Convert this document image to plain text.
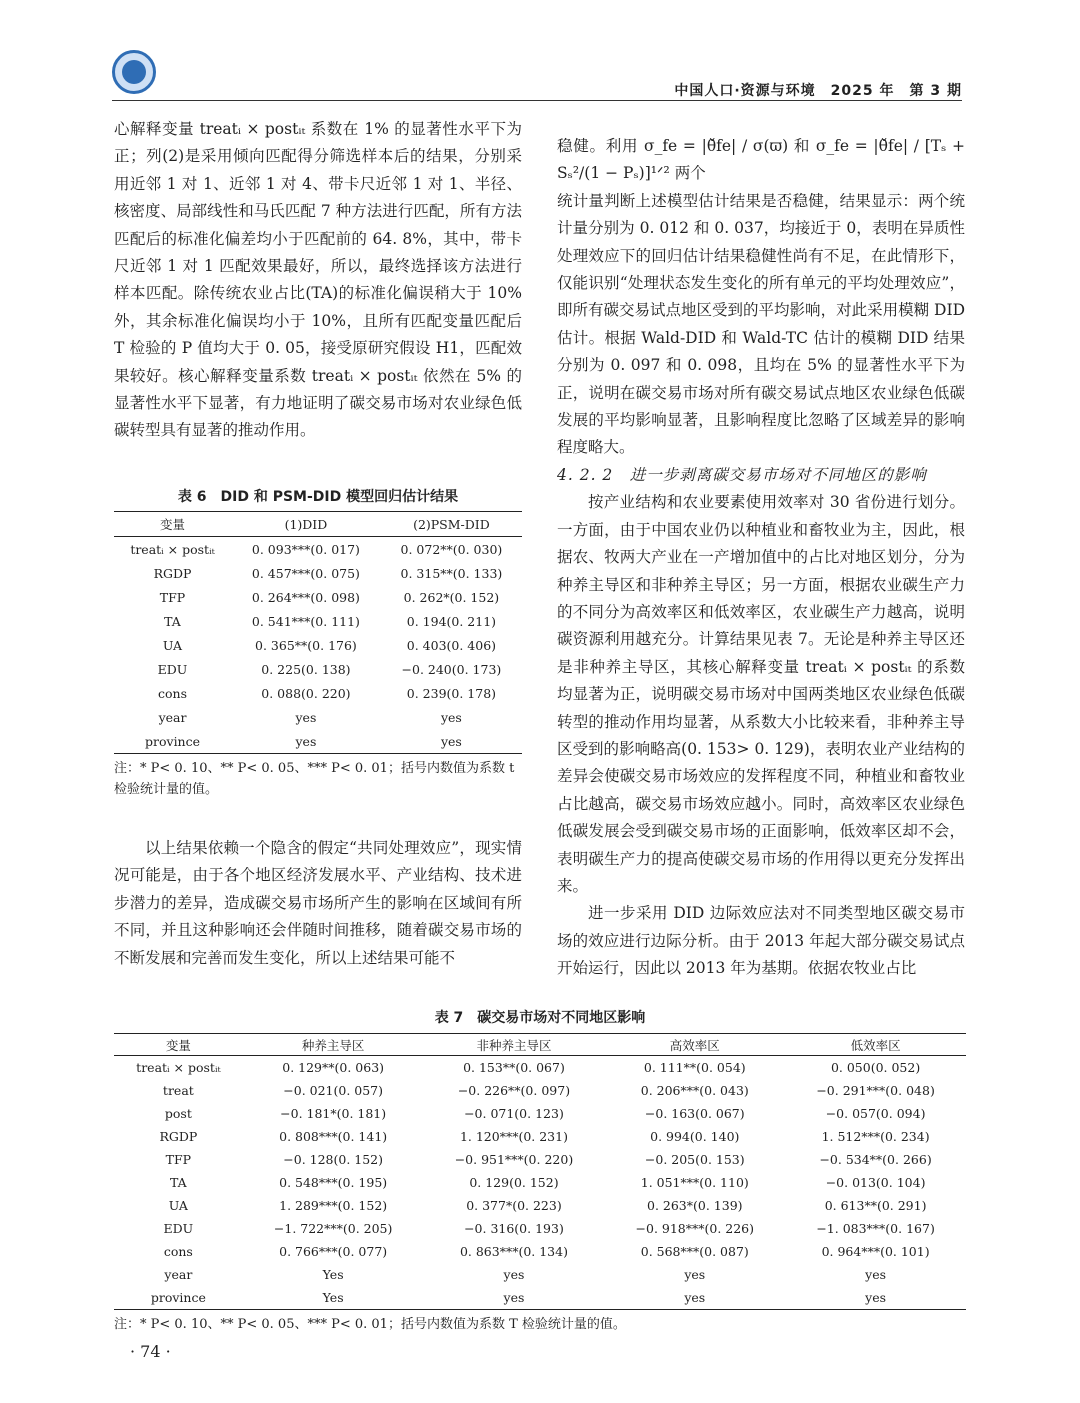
中国人口·资源与环境　2025 年　第 3 期

心解释变量 treatᵢ × postᵢₜ 系数在 1% 的显著性水平下为正；列(2)是采用倾向匹配得分筛选样本后的结果，分别采用近邻 1 对 1、近邻 1 对 4、带卡尺近邻 1 对 1、半径、核密度、局部线性和马氏匹配 7 种方法进行匹配，所有方法匹配后的标准化偏差均小于匹配前的 64. 8%，其中，带卡尺近邻 1 对 1 匹配效果最好，所以，最终选择该方法进行样本匹配。除传统农业占比(TA)的标准化偏误稍大于 10% 外，其余标准化偏误均小于 10%，且所有匹配变量匹配后 T 检验的 P 值均大于 0. 05，接受原研究假设 H1，匹配效果较好。核心解释变量系数 treatᵢ × postᵢₜ 依然在 5% 的显著性水平下显著，有力地证明了碳交易市场对农业绿色低碳转型具有显著的推动作用。

表 6　DID 和 PSM-DID 模型回归估计结果
变量	(1)DID	(2)PSM-DID
treatᵢ × postᵢₜ	0. 093***(0. 017)	0. 072**(0. 030)
RGDP	0. 457***(0. 075)	0. 315**(0. 133)
TFP	0. 264***(0. 098)	0. 262*(0. 152)
TA	0. 541***(0. 111)	0. 194(0. 211)
UA	0. 365**(0. 176)	0. 403(0. 406)
EDU	0. 225(0. 138)	−0. 240(0. 173)
cons	0. 088(0. 220)	0. 239(0. 178)
year	yes	yes
province	yes	yes
注：* P< 0. 10、** P< 0. 05、*** P< 0. 01；括号内数值为系数 t 检验统计量的值。

以上结果依赖一个隐含的假定“共同处理效应”，现实情况可能是，由于各个地区经济发展水平、产业结构、技术进步潜力的差异，造成碳交易市场所产生的影响在区域间有所不同，并且这种影响还会伴随时间推移，随着碳交易市场的不断发展和完善而发生变化，所以上述结果可能不

稳健。利用 σ_fe = |θ̌fe| / σ(ϖ) 和 σ_fe = |θ̌fe| / [Tₛ + Sₛ²/(1 − Pₛ)]¹ᐟ² 两个

统计量判断上述模型估计结果是否稳健，结果显示：两个统计量分别为 0. 012 和 0. 037，均接近于 0，表明在异质性处理效应下的回归估计结果稳健性尚有不足，在此情形下，仅能识别“处理状态发生变化的所有单元的平均处理效应”，即所有碳交易试点地区受到的平均影响，对此采用模糊 DID 估计。根据 Wald-DID 和 Wald-TC 估计的模糊 DID 结果分别为 0. 097 和 0. 098，且均在 5% 的显著性水平下为正，说明在碳交易市场对所有碳交易试点地区农业绿色低碳发展的平均影响显著，且影响程度比忽略了区域差异的影响程度略大。

4. 2. 2　进一步剥离碳交易市场对不同地区的影响

按产业结构和农业要素使用效率对 30 省份进行划分。一方面，由于中国农业仍以种植业和畜牧业为主，因此，根据农、牧两大产业在一产增加值中的占比对地区划分，分为种养主导区和非种养主导区；另一方面，根据农业碳生产力的不同分为高效率区和低效率区，农业碳生产力越高，说明碳资源利用越充分。计算结果见表 7。无论是种养主导区还是非种养主导区，其核心解释变量 treatᵢ × postᵢₜ 的系数均显著为正，说明碳交易市场对中国两类地区农业绿色低碳转型的推动作用均显著，从系数大小比较来看，非种养主导区受到的影响略高(0. 153> 0. 129)，表明农业产业结构的差异会使碳交易市场效应的发挥程度不同，种植业和畜牧业占比越高，碳交易市场效应越小。同时，高效率区农业绿色低碳发展会受到碳交易市场的正面影响，低效率区却不会，表明碳生产力的提高使碳交易市场的作用得以更充分发挥出来。

进一步采用 DID 边际效应法对不同类型地区碳交易市场的效应进行边际分析。由于 2013 年起大部分碳交易试点开始运行，因此以 2013 年为基期。依据农牧业占比

表 7　碳交易市场对不同地区影响
变量	种养主导区	非种养主导区	高效率区	低效率区
treatᵢ × postᵢₜ	0. 129**(0. 063)	0. 153**(0. 067)	0. 111**(0. 054)	0. 050(0. 052)
treat	−0. 021(0. 057)	−0. 226**(0. 097)	0. 206***(0. 043)	−0. 291***(0. 048)
post	−0. 181*(0. 181)	−0. 071(0. 123)	−0. 163(0. 067)	−0. 057(0. 094)
RGDP	0. 808***(0. 141)	1. 120***(0. 231)	0. 994(0. 140)	1. 512***(0. 234)
TFP	−0. 128(0. 152)	−0. 951***(0. 220)	−0. 205(0. 153)	−0. 534**(0. 266)
TA	0. 548***(0. 195)	0. 129(0. 152)	1. 051***(0. 110)	−0. 013(0. 104)
UA	1. 289***(0. 152)	0. 377*(0. 223)	0. 263*(0. 139)	0. 613**(0. 291)
EDU	−1. 722***(0. 205)	−0. 316(0. 193)	−0. 918***(0. 226)	−1. 083***(0. 167)
cons	0. 766***(0. 077)	0. 863***(0. 134)	0. 568***(0. 087)	0. 964***(0. 101)
year	Yes	yes	yes	yes
province	Yes	yes	yes	yes
注：* P< 0. 10、** P< 0. 05、*** P< 0. 01；括号内数值为系数 T 检验统计量的值。
· 74 ·
